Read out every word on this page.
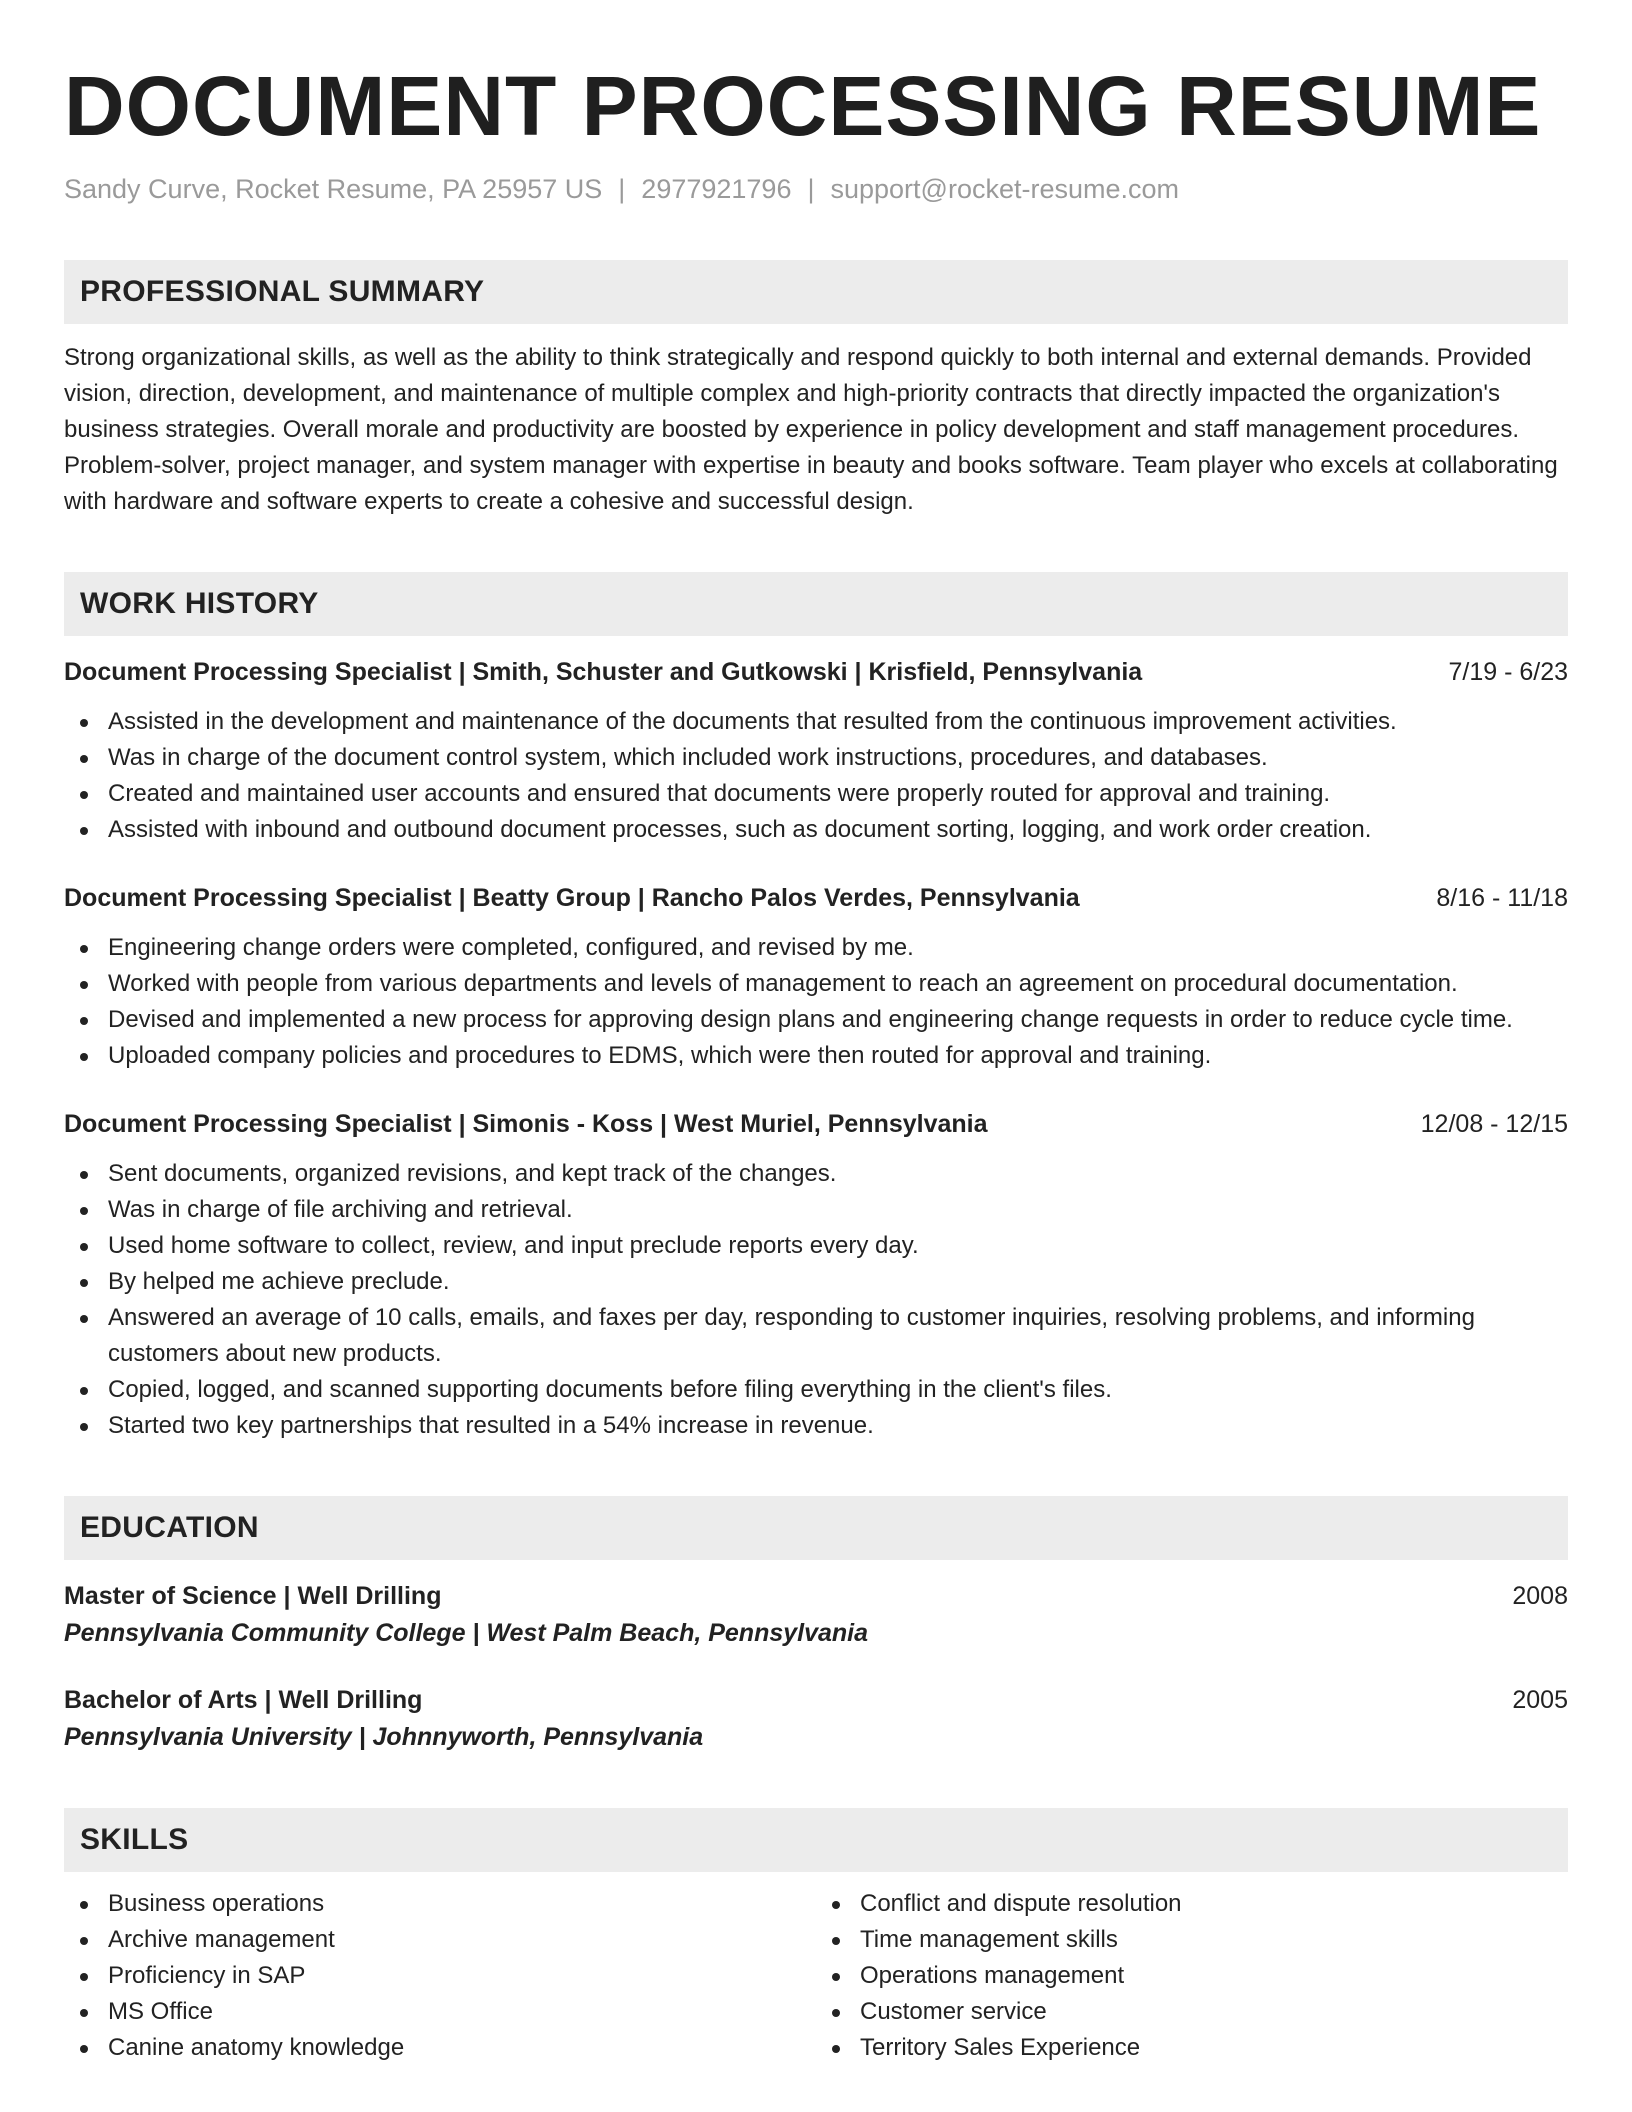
DOCUMENT PROCESSING RESUME
Sandy Curve, Rocket Resume, PA 25957 US | 2977921796 | support@rocket-resume.com
PROFESSIONAL SUMMARY
Strong organizational skills, as well as the ability to think strategically and respond quickly to both internal and external demands. Provided vision, direction, development, and maintenance of multiple complex and high-priority contracts that directly impacted the organization's business strategies. Overall morale and productivity are boosted by experience in policy development and staff management procedures. Problem-solver, project manager, and system manager with expertise in beauty and books software. Team player who excels at collaborating with hardware and software experts to create a cohesive and successful design.
WORK HISTORY
Document Processing Specialist | Smith, Schuster and Gutkowski | Krisfield, Pennsylvania	7/19 - 6/23
Assisted in the development and maintenance of the documents that resulted from the continuous improvement activities.
Was in charge of the document control system, which included work instructions, procedures, and databases.
Created and maintained user accounts and ensured that documents were properly routed for approval and training.
Assisted with inbound and outbound document processes, such as document sorting, logging, and work order creation.
Document Processing Specialist | Beatty Group | Rancho Palos Verdes, Pennsylvania	8/16 - 11/18
Engineering change orders were completed, configured, and revised by me.
Worked with people from various departments and levels of management to reach an agreement on procedural documentation.
Devised and implemented a new process for approving design plans and engineering change requests in order to reduce cycle time.
Uploaded company policies and procedures to EDMS, which were then routed for approval and training.
Document Processing Specialist | Simonis - Koss | West Muriel, Pennsylvania	12/08 - 12/15
Sent documents, organized revisions, and kept track of the changes.
Was in charge of file archiving and retrieval.
Used home software to collect, review, and input preclude reports every day.
By helped me achieve preclude.
Answered an average of 10 calls, emails, and faxes per day, responding to customer inquiries, resolving problems, and informing customers about new products.
Copied, logged, and scanned supporting documents before filing everything in the client's files.
Started two key partnerships that resulted in a 54% increase in revenue.
EDUCATION
Master of Science | Well Drilling	2008
Pennsylvania Community College | West Palm Beach, Pennsylvania
Bachelor of Arts | Well Drilling	2005
Pennsylvania University | Johnnyworth, Pennsylvania
SKILLS
Business operations
Archive management
Proficiency in SAP
MS Office
Canine anatomy knowledge
Conflict and dispute resolution
Time management skills
Operations management
Customer service
Territory Sales Experience
